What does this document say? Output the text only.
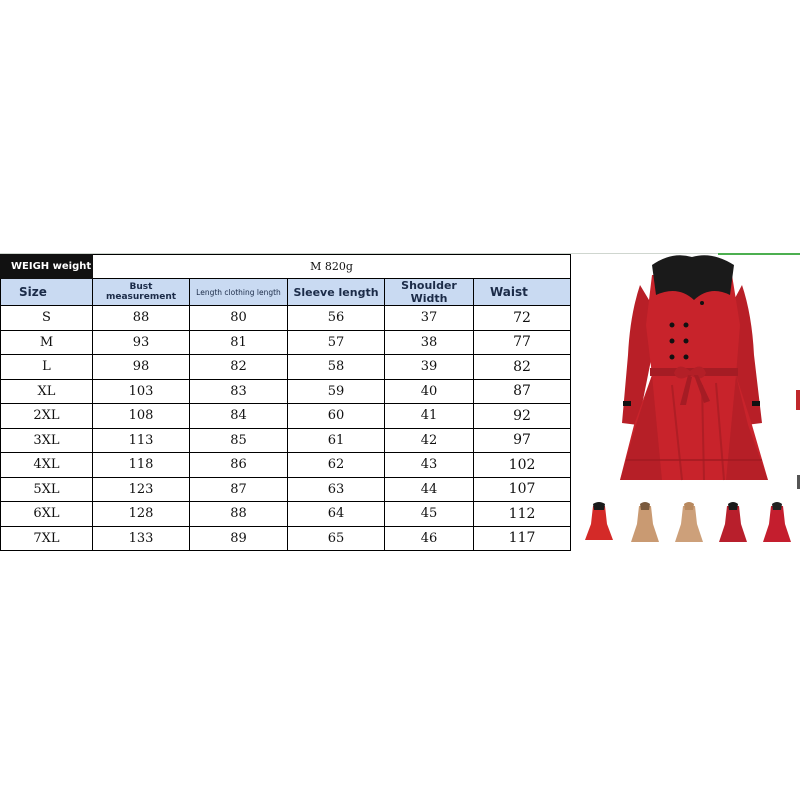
WEIGH weight	M 820g				
Size	Bust measurement	Length clothing length	Sleeve length	Shoulder Width	Waist
S	88	80	56	37	72
M	93	81	57	38	77
L	98	82	58	39	82
XL	103	83	59	40	87
2XL	108	84	60	41	92
3XL	113	85	61	42	97
4XL	118	86	62	43	102
5XL	123	87	63	44	107
6XL	128	88	64	45	112
7XL	133	89	65	46	117
